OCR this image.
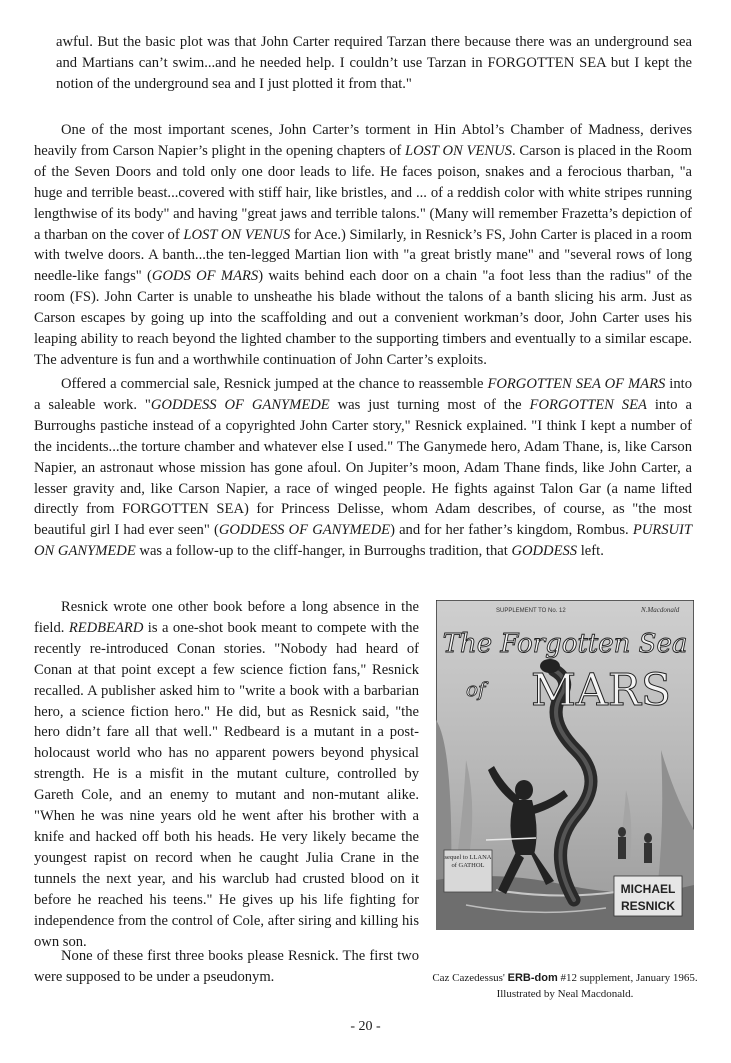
awful. But the basic plot was that John Carter required Tarzan there because there was an underground sea and Martians can’t swim...and he needed help. I couldn’t use Tarzan in FORGOTTEN SEA but I kept the notion of the underground sea and I just plotted it from that."

One of the most important scenes, John Carter’s torment in Hin Abtol’s Chamber of Madness, derives heavily from Carson Napier’s plight in the opening chapters of LOST ON VENUS. Carson is placed in the Room of the Seven Doors and told only one door leads to life. He faces poison, snakes and a ferocious tharban, "a huge and terrible beast...covered with stiff hair, like bristles, and ... of a reddish color with white stripes running lengthwise of its body" and having "great jaws and terrible talons." (Many will remember Frazetta’s depiction of a tharban on the cover of LOST ON VENUS for Ace.) Similarly, in Resnick’s FS, John Carter is placed in a room with twelve doors. A banth...the ten-legged Martian lion with "a great bristly mane" and "several rows of long needle-like fangs" (GODS OF MARS) waits behind each door on a chain "a foot less than the radius" of the room (FS). John Carter is unable to unsheathe his blade without the talons of a banth slicing his arm. Just as Carson escapes by going up into the scaffolding and out a convenient workman’s door, John Carter uses his leaping ability to reach beyond the lighted chamber to the supporting timbers and eventually to a similar escape. The adventure is fun and a worthwhile continuation of John Carter’s exploits.

Offered a commercial sale, Resnick jumped at the chance to reassemble FORGOTTEN SEA OF MARS into a saleable work. "GODDESS OF GANYMEDE was just turning most of the FORGOTTEN SEA into a Burroughs pastiche instead of a copyrighted John Carter story," Resnick explained. "I think I kept a number of the incidents...the torture chamber and whatever else I used." The Ganymede hero, Adam Thane, is, like Carson Napier, an astronaut whose mission has gone afoul. On Jupiter’s moon, Adam Thane finds, like John Carter, a lesser gravity and, like Carson Napier, a race of winged people. He fights against Talon Gar (a name lifted directly from FORGOTTEN SEA) for Princess Delisse, whom Adam describes, of course, as "the most beautiful girl I had ever seen" (GODDESS OF GANYMEDE) and for her father’s kingdom, Rombus. PURSUIT ON GANYMEDE was a follow-up to the cliff-hanger, in Burroughs tradition, that GODDESS left.

Resnick wrote one other book before a long absence in the field. REDBEARD is a one-shot book meant to compete with the recently re-introduced Conan stories. "Nobody had heard of Conan at that point except a few science fiction fans," Resnick recalled. A publisher asked him to "write a book with a barbarian hero, a science fiction hero." He did, but as Resnick said, "the hero didn’t fare all that well." Redbeard is a mutant in a post-holocaust world who has no apparent powers beyond physical strength. He is a misfit in the mutant culture, controlled by Gareth Cole, and an enemy to mutant and non-mutant alike. "When he was nine years old he went after his brother with a knife and hacked off both his heads. He very likely became the youngest rapist on record when he caught Julia Crane in the tunnels the next year, and his warclub had crusted blood on it before he reached his teens." He gives up his life fighting for independence from the control of Cole, after siring and killing his own son.

None of these first three books please Resnick. The first two were supposed to be under a pseudonym.

SUPPLEMENT TO No. 12	N.Macdonald
The Forgotten Sea
of MARS
sequel to LLANA of GATHOL
MICHAEL
RESNICK
Caz Cazedessus' ERB-dom #12 supplement, January 1965.
Illustrated by Neal Macdonald.
- 20 -
